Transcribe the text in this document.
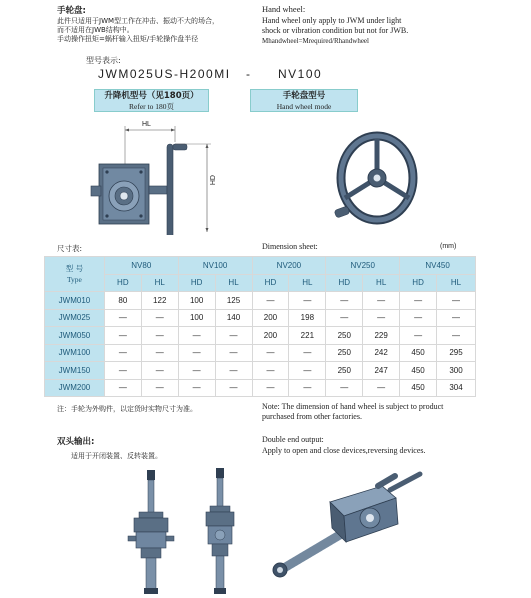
手轮盘:
此件只适用于JWM型工作在冲击、振动不大的场合，
而不适用在JWB结构中。
手动操作扭矩=蜗杆输入扭矩/手轮操作盘半径
Hand wheel:
Hand wheel only apply to JWM under light
shock or vibration condition but not for JWB.
Mhandwheel=Mrequired/Rhandwheel
型号表示:
JWM025US-H200MI - NV100
升降机型号（见180页）
Refer to 180页
手轮盘型号
Hand wheel mode
HL
HD
尺寸表:	Dimension sheet:	(mm)
型 号
Type	NV80		NV100		NV200		NV250		NV450	
	HD	HL	HD	HL	HD	HL	HD	HL	HD	HL
JWM010	80	122	100	125	—	—	—	—	—	—
JWM025	—	—	100	140	200	198	—	—	—	—
JWM050	—	—	—	—	200	221	250	229	—	—
JWM100	—	—	—	—	—	—	250	242	450	295
JWM150	—	—	—	—	—	—	250	247	450	300
JWM200	—	—	—	—	—	—	—	—	450	304
注：手轮为外购件，以定货时实物尺寸为准。	Note: The dimension of hand wheel is subject to product
purchased from other factories.
双头输出:
适用于开闭装置、反转装置。
Double end output:
Apply to open and close devices,reversing devices.
